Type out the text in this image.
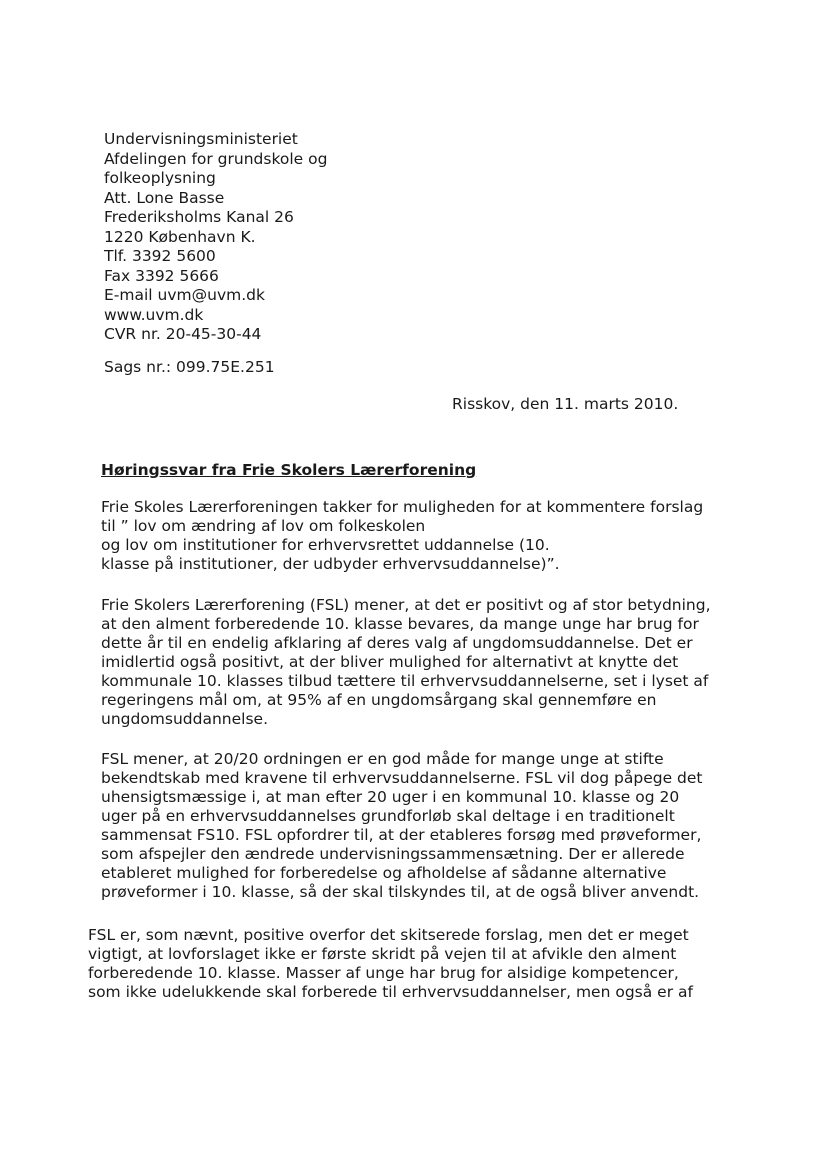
Undervisningsministeriet
Afdelingen for grundskole og
folkeoplysning
Att. Lone Basse
Frederiksholms Kanal 26
1220 København K.
Tlf. 3392 5600
Fax 3392 5666
E-mail uvm@uvm.dk
www.uvm.dk
CVR nr. 20-45-30-44
Sags nr.: 099.75E.251
Risskov, den 11. marts 2010.
Høringssvar fra Frie Skolers Lærerforening
Frie Skoles Lærerforeningen takker for muligheden for at kommentere forslag
til ” lov om ændring af lov om folkeskolen
og lov om institutioner for erhvervsrettet uddannelse (10.
klasse på institutioner, der udbyder erhvervsuddannelse)”.
Frie Skolers Lærerforening (FSL) mener, at det er positivt og af stor betydning,
at den alment forberedende 10. klasse bevares, da mange unge har brug for
dette år til en endelig afklaring af deres valg af ungdomsuddannelse. Det er
imidlertid også positivt, at der bliver mulighed for alternativt at knytte det
kommunale 10. klasses tilbud tættere til erhvervsuddannelserne, set i lyset af
regeringens mål om, at 95% af en ungdomsårgang skal gennemføre en
ungdomsuddannelse.
FSL mener, at 20/20 ordningen er en god måde for mange unge at stifte
bekendtskab med kravene til erhvervsuddannelserne. FSL vil dog påpege det
uhensigtsmæssige i, at man efter 20 uger i en kommunal 10. klasse og 20
uger på en erhvervsuddannelses grundforløb skal deltage i en traditionelt
sammensat FS10. FSL opfordrer til, at der etableres forsøg med prøveformer,
som afspejler den ændrede undervisningssammensætning. Der er allerede
etableret mulighed for forberedelse og afholdelse af sådanne alternative
prøveformer i 10. klasse, så der skal tilskyndes til, at de også bliver anvendt.
FSL er, som nævnt, positive overfor det skitserede forslag, men det er meget
vigtigt, at lovforslaget ikke er første skridt på vejen til at afvikle den alment
forberedende 10. klasse. Masser af unge har brug for alsidige kompetencer,
som ikke udelukkende skal forberede til erhvervsuddannelser, men også er af
